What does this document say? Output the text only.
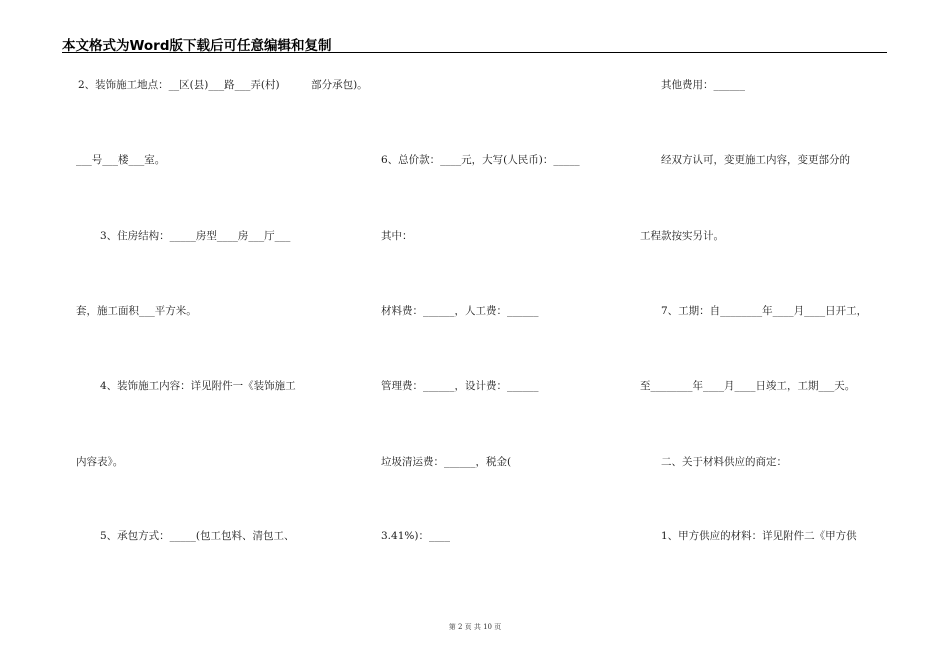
本文格式为Word版下载后可任意编辑和复制
2、装饰施工地点：__区(县)___路___弄(村)　　　部分承包)。
___号___楼___室。
3、住房结构：_____房型____房___厅___
套，施工面积___平方米。
4、装饰施工内容：详见附件一《装饰施工
内容表》。
5、承包方式：_____(包工包料、清包工、
6、总价款：____元，大写(人民币)：_____
其中：
材料费：______，人工费：______
管理费：______，设计费：______
垃圾清运费：______，税金(
3.41%)：____
　　其他费用：______
　　经双方认可，变更施工内容，变更部分的
工程款按实另计。
　　7、工期：自________年____月____日开工，
至________年____月____日竣工，工期___天。
　　二、关于材料供应的商定：
　　1、甲方供应的材料：详见附件二《甲方供
第 2 页 共 10 页
